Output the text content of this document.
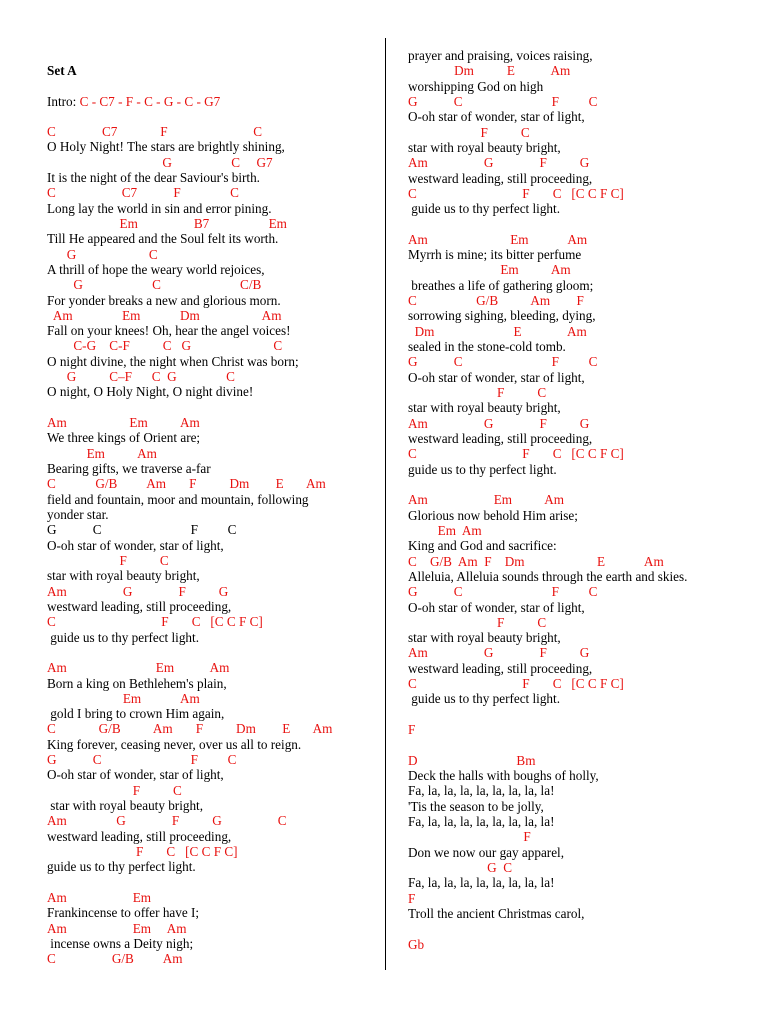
Set A
Intro: C - C7 - F - C - G - C - G7
C              C7             F                          C
O Holy Night! The stars are brightly shining,
G                  C     G7
It is the night of the dear Saviour's birth.
C                    C7           F               C
Long lay the world in sin and error pining.
Em                 B7                  Em
Till He appeared and the Soul felt its worth.
G                      C
A thrill of hope the weary world rejoices,
G                     C                        C/B
For yonder breaks a new and glorious morn.
Am               Em            Dm                   Am
Fall on your knees! Oh, hear the angel voices!
C-G    C-F          C   G                         C
O night divine, the night when Christ was born;
G          C–F      C  G               C
O night, O Holy Night, O night divine!
Am                   Em          Am
We three kings of Orient are;
Em          Am
Bearing gifts, we traverse a-far
C            G/B         Am       F          Dm        E       Am
field and fountain, moor and mountain, following
yonder star.
G           C                           F         C
O-oh star of wonder, star of light,
F          C
star with royal beauty bright,
Am                 G              F          G
westward leading, still proceeding,
C                                F       C   [C C F C]
guide us to thy perfect light.
Am                           Em           Am
Born a king on Bethlehem's plain,
Em            Am
gold I bring to crown Him again,
C             G/B          Am       F          Dm        E       Am
King forever, ceasing never, over us all to reign.
G           C                           F         C
O-oh star of wonder, star of light,
F          C
star with royal beauty bright,
Am               G              F          G                 C
westward leading, still proceeding,
F       C   [C C F C]
guide us to thy perfect light.
Am                    Em
Frankincense to offer have I;
Am                    Em     Am
incense owns a Deity nigh;
C                 G/B         Am
prayer and praising, voices raising,
Dm          E           Am
worshipping God on high
G           C                           F         C
O-oh star of wonder, star of light,
F          C
star with royal beauty bright,
Am                 G              F          G
westward leading, still proceeding,
C                                F       C   [C C F C]
guide us to thy perfect light.
Am                         Em            Am
Myrrh is mine; its bitter perfume
Em          Am
breathes a life of gathering gloom;
C                  G/B          Am        F
sorrowing sighing, bleeding, dying,
Dm                        E              Am
sealed in the stone-cold tomb.
G           C                           F         C
O-oh star of wonder, star of light,
F          C
star with royal beauty bright,
Am                 G              F          G
westward leading, still proceeding,
C                                F       C   [C C F C]
guide us to thy perfect light.
Am                    Em          Am
Glorious now behold Him arise;
Em  Am
King and God and sacrifice:
C    G/B  Am  F    Dm                      E            Am
Alleluia, Alleluia sounds through the earth and skies.
G           C                           F         C
O-oh star of wonder, star of light,
F          C
star with royal beauty bright,
Am                 G              F          G
westward leading, still proceeding,
C                                F       C   [C C F C]
guide us to thy perfect light.
F
D                              Bm
Deck the halls with boughs of holly,
Fa, la, la, la, la, la, la, la, la!
'Tis the season to be jolly,
Fa, la, la, la, la, la, la, la, la!
F
Don we now our gay apparel,
G  C
Fa, la, la, la, la, la, la, la, la!
F
Troll the ancient Christmas carol,
Gb
